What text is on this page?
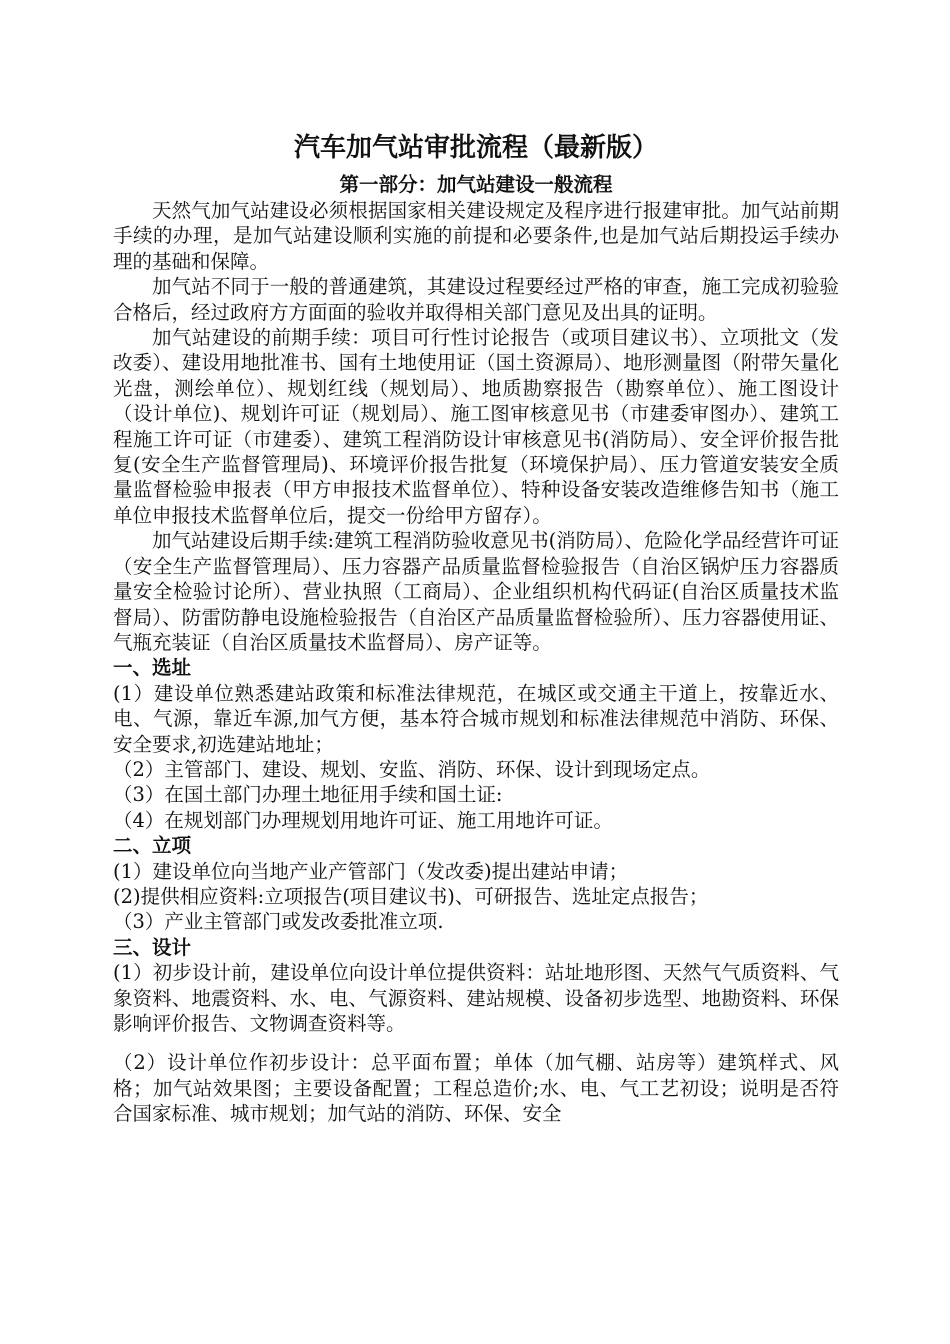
汽车加气站审批流程（最新版）
第一部分：加气站建设一般流程

天然气加气站建设必须根据国家相关建设规定及程序进行报建审批。加气站前期手续的办理，是加气站建设顺利实施的前提和必要条件,也是加气站后期投运手续办理的基础和保障。

加气站不同于一般的普通建筑，其建设过程要经过严格的审查，施工完成初验验合格后，经过政府方方面面的验收并取得相关部门意见及出具的证明。

加气站建设的前期手续：项目可行性讨论报告（或项目建议书）、立项批文（发改委）、建设用地批准书、国有土地使用证（国土资源局）、地形测量图（附带矢量化光盘，测绘单位）、规划红线（规划局）、地质勘察报告（勘察单位）、施工图设计（设计单位)、规划许可证（规划局）、施工图审核意见书（市建委审图办）、建筑工程施工许可证（市建委）、建筑工程消防设计审核意见书(消防局）、安全评价报告批复(安全生产监督管理局)、环境评价报告批复（环境保护局）、压力管道安装安全质量监督检验申报表（甲方申报技术监督单位）、特种设备安装改造维修告知书（施工单位申报技术监督单位后，提交一份给甲方留存）。

加气站建设后期手续:建筑工程消防验收意见书(消防局）、危险化学品经营许可证（安全生产监督管理局）、压力容器产品质量监督检验报告（自治区锅炉压力容器质量安全检验讨论所）、营业执照（工商局）、企业组织机构代码证(自治区质量技术监督局）、防雷防静电设施检验报告（自治区产品质量监督检验所）、压力容器使用证、气瓶充装证（自治区质量技术监督局）、房产证等。

一、选址

(1）建设单位熟悉建站政策和标准法律规范，在城区或交通主干道上，按靠近水、电、气源，靠近车源,加气方便，基本符合城市规划和标准法律规范中消防、环保、安全要求,初选建站地址；

（2）主管部门、建设、规划、安监、消防、环保、设计到现场定点。

（3）在国土部门办理土地征用手续和国土证:

（4）在规划部门办理规划用地许可证、施工用地许可证。

二、立项

(1）建设单位向当地产业产管部门（发改委)提出建站申请；

(2)提供相应资料:立项报告(项目建议书)、可研报告、选址定点报告；

（3）产业主管部门或发改委批准立项.

三、设计

(1）初步设计前，建设单位向设计单位提供资料：站址地形图、天然气气质资料、气象资料、地震资料、水、电、气源资料、建站规模、设备初步选型、地勘资料、环保影响评价报告、文物调查资料等。

（2）设计单位作初步设计：总平面布置；单体（加气棚、站房等）建筑样式、风格；加气站效果图；主要设备配置；工程总造价;水、电、气工艺初设；说明是否符合国家标准、城市规划；加气站的消防、环保、安全
